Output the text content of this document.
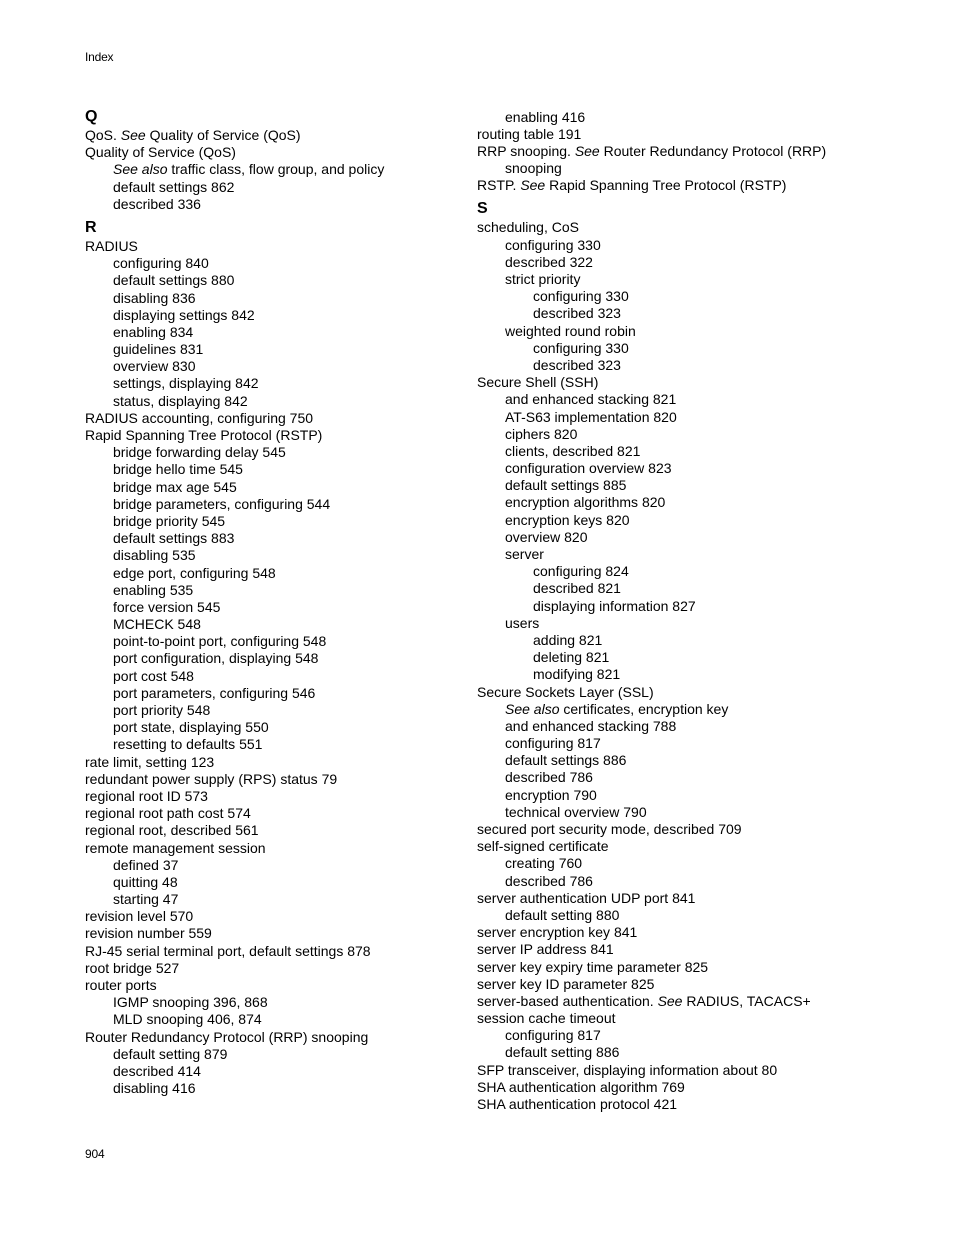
Index
Q
QoS. See Quality of Service (QoS)
Quality of Service (QoS)
See also traffic class, flow group, and policy
default settings 862
described 336
R
RADIUS
configuring 840
default settings 880
disabling 836
displaying settings 842
enabling 834
guidelines 831
overview 830
settings, displaying 842
status, displaying 842
RADIUS accounting, configuring 750
Rapid Spanning Tree Protocol (RSTP)
bridge forwarding delay 545
bridge hello time 545
bridge max age 545
bridge parameters, configuring 544
bridge priority 545
default settings 883
disabling 535
edge port, configuring 548
enabling 535
force version 545
MCHECK 548
point-to-point port, configuring 548
port configuration, displaying 548
port cost 548
port parameters, configuring 546
port priority 548
port state, displaying 550
resetting to defaults 551
rate limit, setting 123
redundant power supply (RPS) status 79
regional root ID 573
regional root path cost 574
regional root, described 561
remote management session
defined 37
quitting 48
starting 47
revision level 570
revision number 559
RJ-45 serial terminal port, default settings 878
root bridge 527
router ports
IGMP snooping 396, 868
MLD snooping 406, 874
Router Redundancy Protocol (RRP) snooping
default setting 879
described 414
disabling 416
enabling 416
routing table 191
RRP snooping. See Router Redundancy Protocol (RRP)
snooping
RSTP. See Rapid Spanning Tree Protocol (RSTP)
S
scheduling, CoS
configuring 330
described 322
strict priority
configuring 330
described 323
weighted round robin
configuring 330
described 323
Secure Shell (SSH)
and enhanced stacking 821
AT-S63 implementation 820
ciphers 820
clients, described 821
configuration overview 823
default settings 885
encryption algorithms 820
encryption keys 820
overview 820
server
configuring 824
described 821
displaying information 827
users
adding 821
deleting 821
modifying 821
Secure Sockets Layer (SSL)
See also certificates, encryption key
and enhanced stacking 788
configuring 817
default settings 886
described 786
encryption 790
technical overview 790
secured port security mode, described 709
self-signed certificate
creating 760
described 786
server authentication UDP port 841
default setting 880
server encryption key 841
server IP address 841
server key expiry time parameter 825
server key ID parameter 825
server-based authentication. See RADIUS, TACACS+
session cache timeout
configuring 817
default setting 886
SFP transceiver, displaying information about 80
SHA authentication algorithm 769
SHA authentication protocol 421
904
